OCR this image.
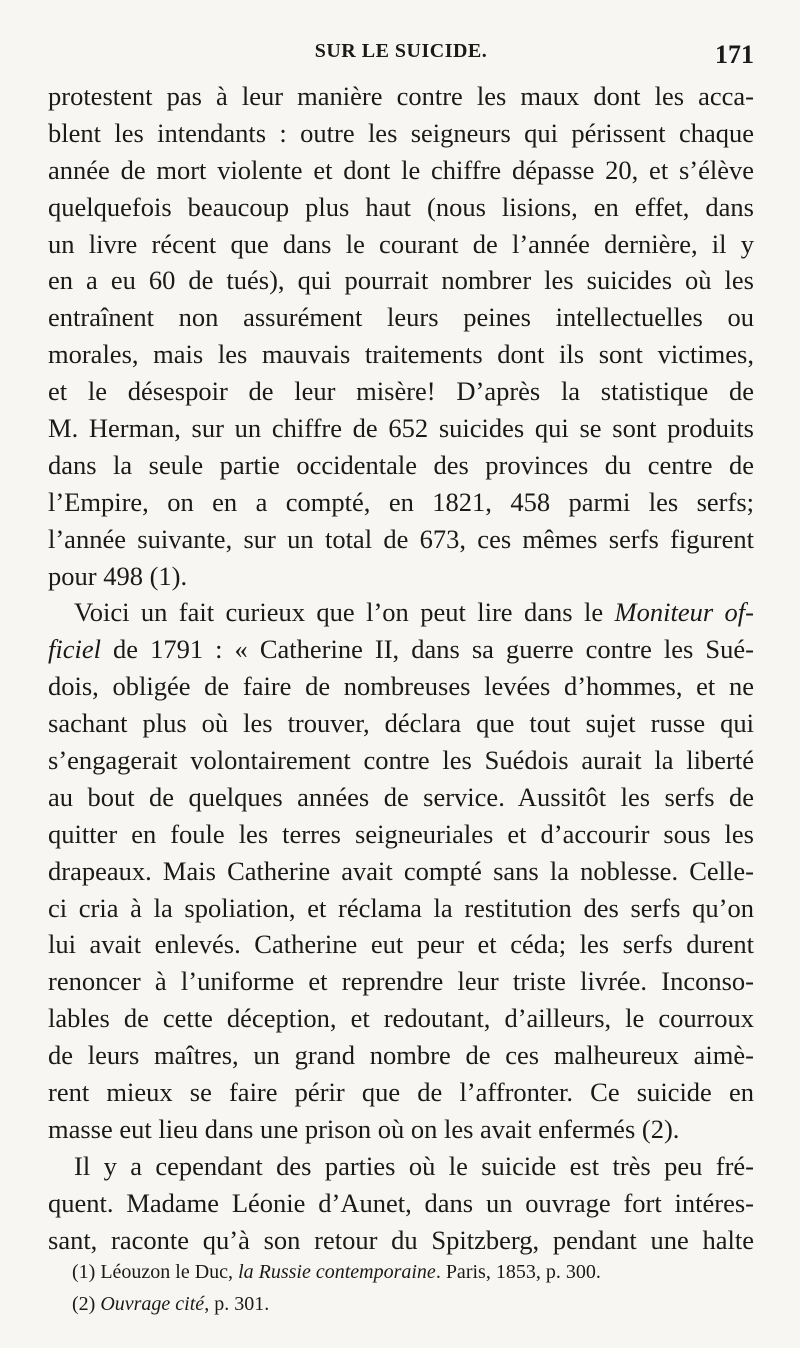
SUR LE SUICIDE.	171
protestent pas à leur manière contre les maux dont les acca-
blent les intendants : outre les seigneurs qui périssent chaque
année de mort violente et dont le chiffre dépasse 20, et s’élève
quelquefois beaucoup plus haut (nous lisions, en effet, dans
un livre récent que dans le courant de l’année dernière, il y
en a eu 60 de tués), qui pourrait nombrer les suicides où les
entraînent non assurément leurs peines intellectuelles ou
morales, mais les mauvais traitements dont ils sont victimes,
et le désespoir de leur misère! D’après la statistique de
M. Herman, sur un chiffre de 652 suicides qui se sont produits
dans la seule partie occidentale des provinces du centre de
l’Empire, on en a compté, en 1821, 458 parmi les serfs;
l’année suivante, sur un total de 673, ces mêmes serfs figurent
pour 498 (1).
Voici un fait curieux que l’on peut lire dans le Moniteur of-
ficiel de 1791 : « Catherine II, dans sa guerre contre les Sué-
dois, obligée de faire de nombreuses levées d’hommes, et ne
sachant plus où les trouver, déclara que tout sujet russe qui
s’engagerait volontairement contre les Suédois aurait la liberté
au bout de quelques années de service. Aussitôt les serfs de
quitter en foule les terres seigneuriales et d’accourir sous les
drapeaux. Mais Catherine avait compté sans la noblesse. Celle-
ci cria à la spoliation, et réclama la restitution des serfs qu’on
lui avait enlevés. Catherine eut peur et céda; les serfs durent
renoncer à l’uniforme et reprendre leur triste livrée. Inconso-
lables de cette déception, et redoutant, d’ailleurs, le courroux
de leurs maîtres, un grand nombre de ces malheureux aimè-
rent mieux se faire périr que de l’affronter. Ce suicide en
masse eut lieu dans une prison où on les avait enfermés (2).
Il y a cependant des parties où le suicide est très peu fré-
quent. Madame Léonie d’Aunet, dans un ouvrage fort intéres-
sant, raconte qu’à son retour du Spitzberg, pendant une halte
(1) Léouzon le Duc, la Russie contemporaine. Paris, 1853, p. 300.
(2) Ouvrage cité, p. 301.
